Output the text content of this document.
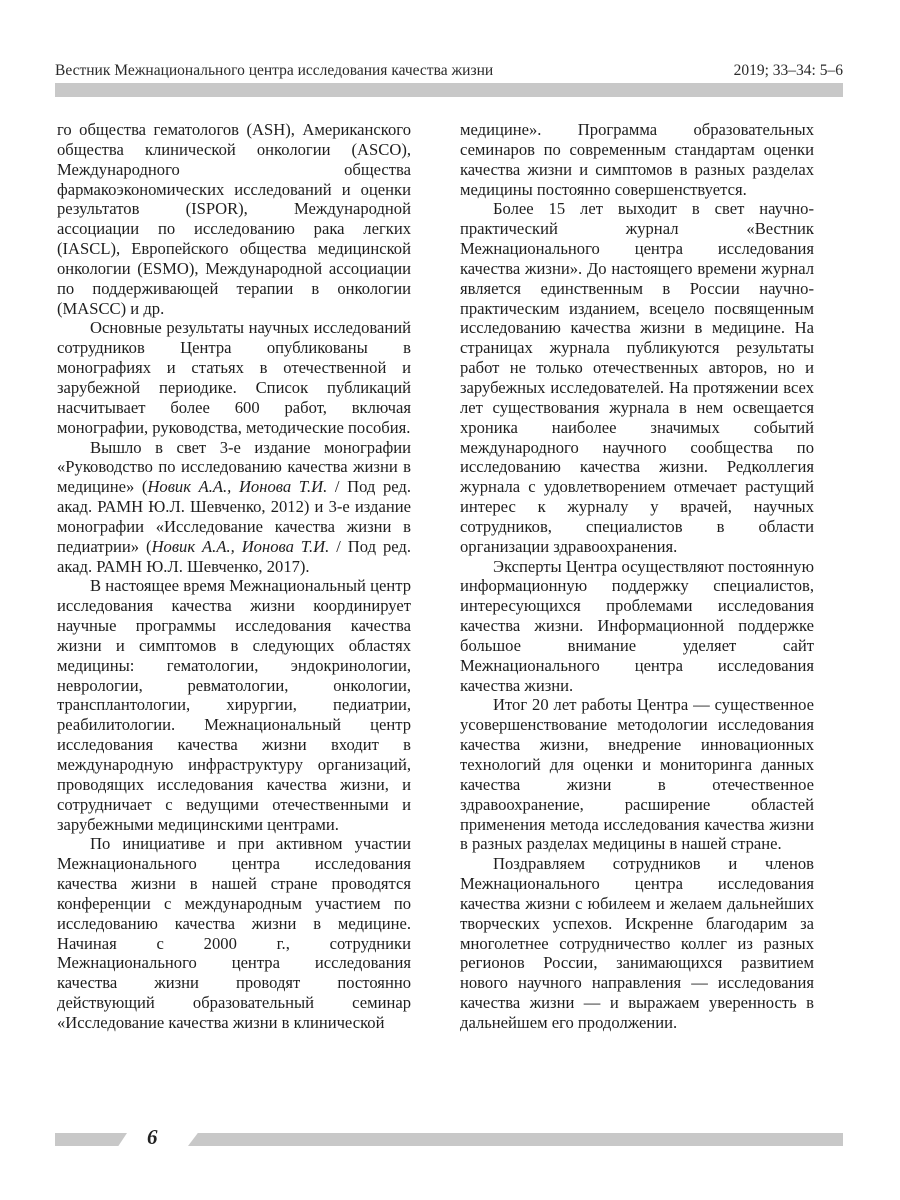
Вестник Межнационального центра исследования качества жизни	2019; 33–34: 5–6

го общества гематологов (ASH), Американского общества клинической онкологии (ASCO), Международного общества фармакоэкономических исследований и оценки результатов (ISPOR), Международной ассоциации по исследованию рака легких (IASCL), Европейского общества медицинской онкологии (ESMO), Международной ассоциации по поддерживающей терапии в онкологии (MASCC) и др.

Основные результаты научных исследований сотрудников Центра опубликованы в монографиях и статьях в отечественной и зарубежной периодике. Список публикаций насчитывает более 600 работ, включая монографии, руководства, методические пособия.

Вышло в свет 3-е издание монографии «Руководство по исследованию качества жизни в медицине» (Новик А.А., Ионова Т.И. / Под ред. акад. РАМН Ю.Л. Шевченко, 2012) и 3-е издание монографии «Исследование качества жизни в педиатрии» (Новик А.А., Ионова Т.И. / Под ред. акад. РАМН Ю.Л. Шевченко, 2017).

В настоящее время Межнациональный центр исследования качества жизни координирует научные программы исследования качества жизни и симптомов в следующих областях медицины: гематологии, эндокринологии, неврологии, ревматологии, онкологии, трансплантологии, хирургии, педиатрии, реабилитологии. Межнациональный центр исследования качества жизни входит в международную инфраструктуру организаций, проводящих исследования качества жизни, и сотрудничает с ведущими отечественными и зарубежными медицинскими центрами.

По инициативе и при активном участии Межнационального центра исследования качества жизни в нашей стране проводятся конференции с международным участием по исследованию качества жизни в медицине. Начиная с 2000 г., сотрудники Межнационального центра исследования качества жизни проводят постоянно действующий образовательный семинар «Исследование качества жизни в клинической

медицине». Программа образовательных семинаров по современным стандартам оценки качества жизни и симптомов в разных разделах медицины постоянно совершенствуется.

Более 15 лет выходит в свет научно-практический журнал «Вестник Межнационального центра исследования качества жизни». До настоящего времени журнал является единственным в России научно-практическим изданием, всецело посвященным исследованию качества жизни в медицине. На страницах журнала публикуются результаты работ не только отечественных авторов, но и зарубежных исследователей. На протяжении всех лет существования журнала в нем освещается хроника наиболее значимых событий международного научного сообщества по исследованию качества жизни. Редколлегия журнала с удовлетворением отмечает растущий интерес к журналу у врачей, научных сотрудников, специалистов в области организации здравоохранения.

Эксперты Центра осуществляют постоянную информационную поддержку специалистов, интересующихся проблемами исследования качества жизни. Информационной поддержке большое внимание уделяет сайт Межнационального центра исследования качества жизни.

Итог 20 лет работы Центра — существенное усовершенствование методологии исследования качества жизни, внедрение инновационных технологий для оценки и мониторинга данных качества жизни в отечественное здравоохранение, расширение областей применения метода исследования качества жизни в разных разделах медицины в нашей стране.

Поздравляем сотрудников и членов Межнационального центра исследования качества жизни с юбилеем и желаем дальнейших творческих успехов. Искренне благодарим за многолетнее сотрудничество коллег из разных регионов России, занимающихся развитием нового научного направления — исследования качества жизни — и выражаем уверенность в дальнейшем его продолжении.

6
